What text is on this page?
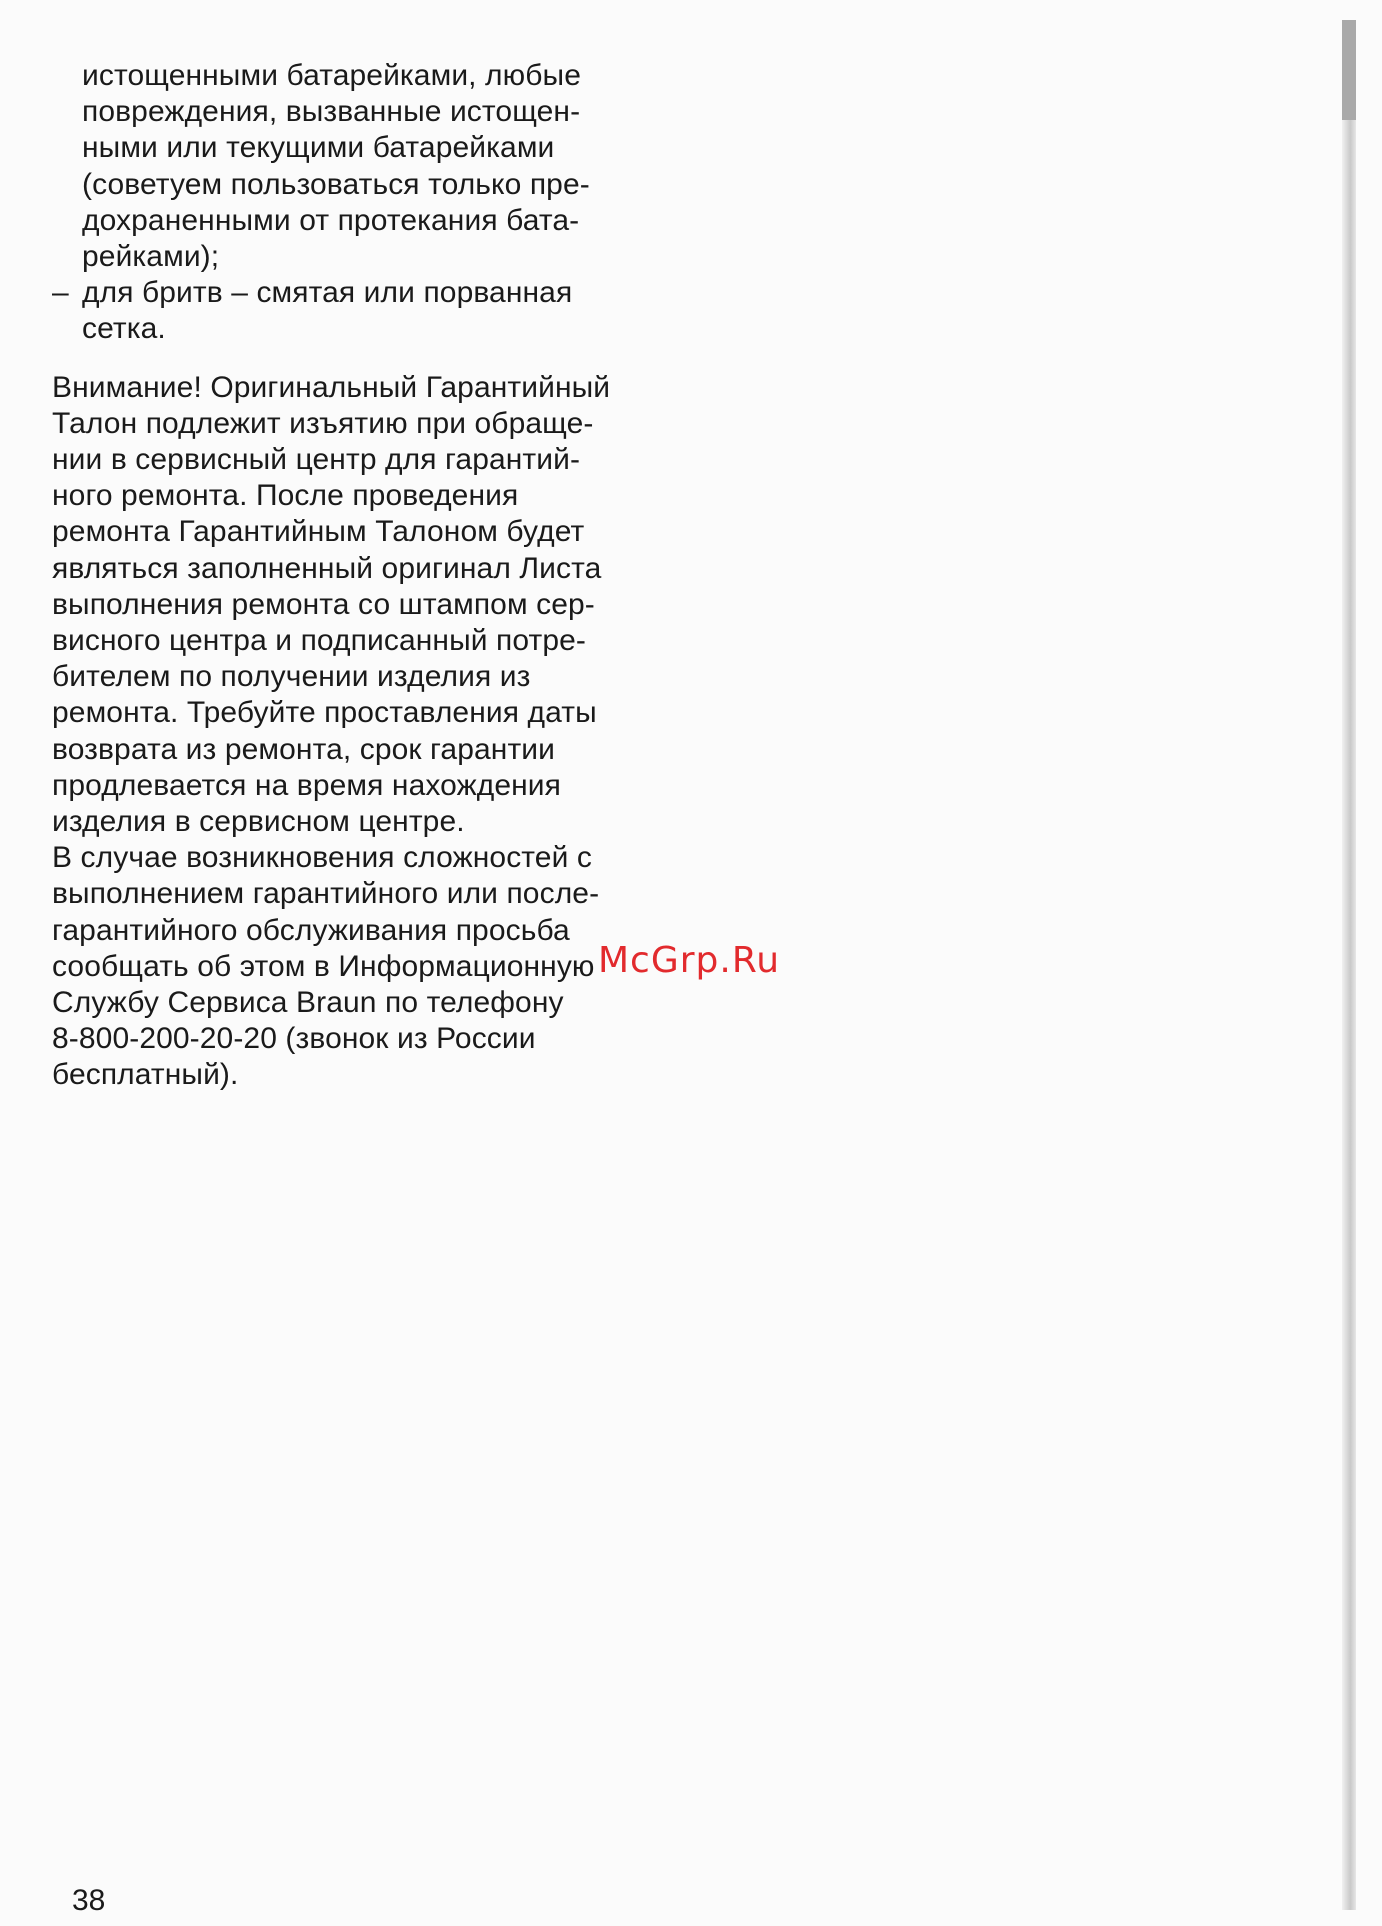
истощенными батарейками, любые
повреждения, вызванные истощен-
ными или текущими батарейками
(советуем пользоваться только пре-
дохраненными от протекания бата-
рейками);
– для бритв – смятая или порванная
сетка.
Внимание! Оригинальный Гарантийный
Талон подлежит изъятию при обраще-
нии в сервисный центр для гарантий-
ного ремонта. После проведения
ремонта Гарантийным Талоном будет
являться заполненный оригинал Листа
выполнения ремонта со штампом сер-
висного центра и подписанный потре-
бителем по получении изделия из
ремонта. Требуйте проставления даты
возврата из ремонта, срок гарантии
продлевается на время нахождения
изделия в сервисном центре.
В случае возникновения сложностей с
выполнением гарантийного или после-
гарантийного обслуживания просьба
сообщать об этом в Информационную
Службу Сервиса Braun по телефону
8-800-200-20-20 (звонок из России
бесплатный).
McGrp.Ru
38
